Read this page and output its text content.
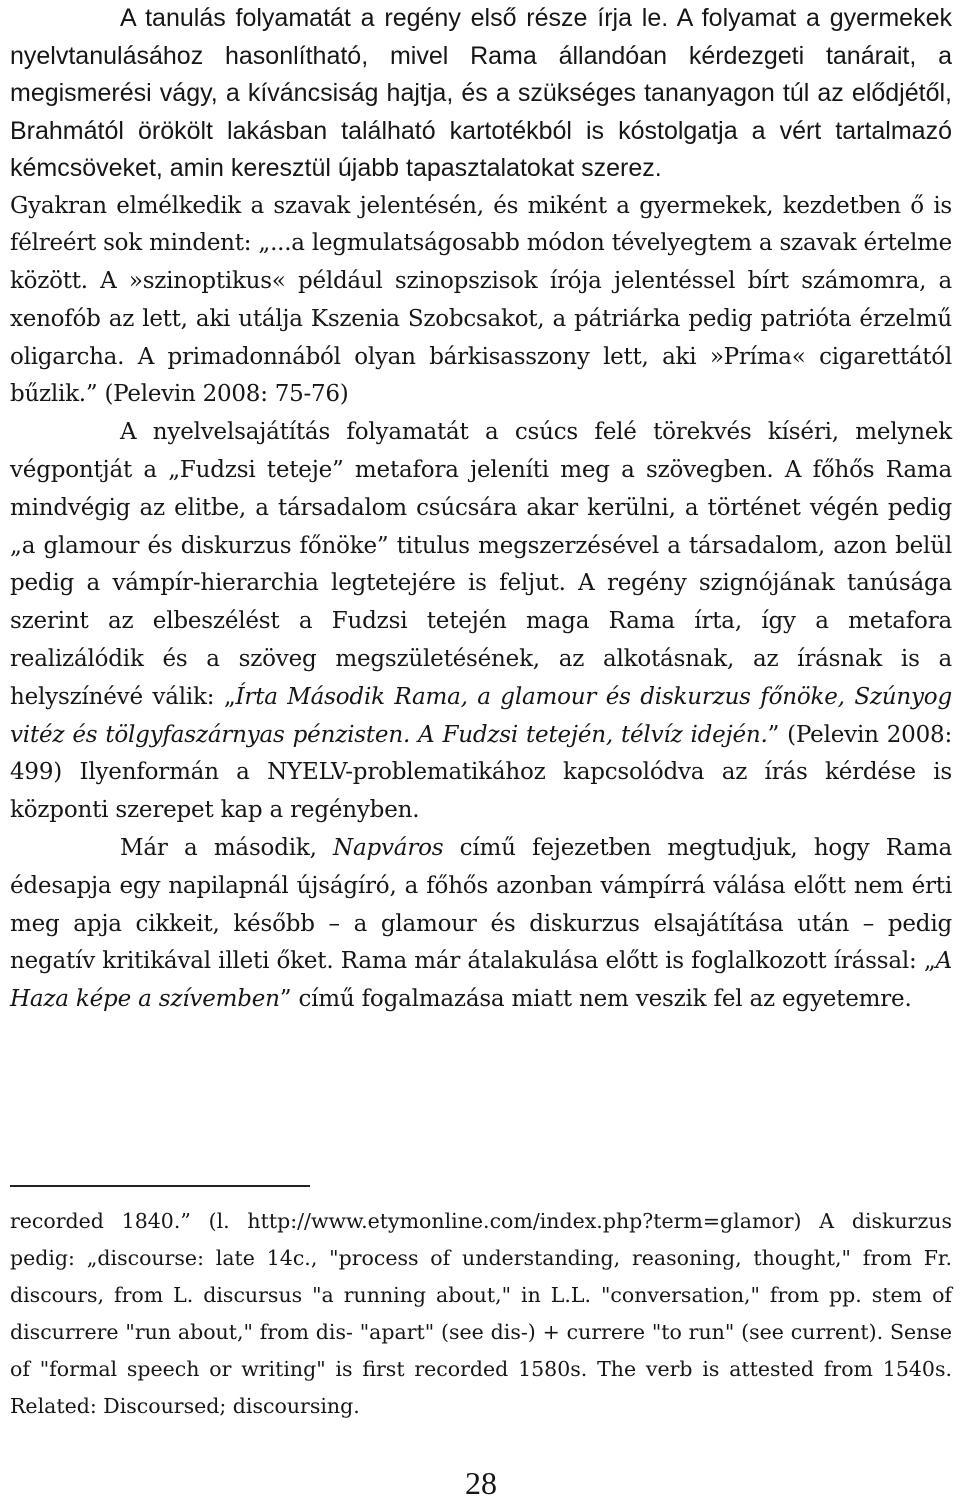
A tanulás folyamatát a regény első része írja le. A folyamat a gyermekek nyelvtanulásához hasonlítható, mivel Rama állandóan kérdezgeti tanárait, a megismerési vágy, a kíváncsiság hajtja, és a szükséges tananyagon túl az elődjétől, Brahmától örökölt lakásban található kartotékból is kóstolgatja a vért tartalmazó kémcsöveket, amin keresztül újabb tapasztalatokat szerez.

Gyakran elmélkedik a szavak jelentésén, és miként a gyermekek, kezdetben ő is félreért sok mindent: „...a legmulatságosabb módon tévelyegtem a szavak értelme között. A »szinoptikus« például szinopszisok írója jelentéssel bírt számomra, a xenofób az lett, aki utálja Kszenia Szobcsakot, a pátriárka pedig patrióta érzelmű oligarcha. A primadonnából olyan bárkisasszony lett, aki »Príma« cigarettától bűzlik.” (Pelevin 2008: 75-76)

A nyelvelsajátítás folyamatát a csúcs felé törekvés kíséri, melynek végpontját a „Fudzsi teteje” metafora jeleníti meg a szövegben. A főhős Rama mindvégig az elitbe, a társadalom csúcsára akar kerülni, a történet végén pedig „a glamour és diskurzus főnöke” titulus megszerzésével a társadalom, azon belül pedig a vámpír-hierarchia legtetejére is feljut. A regény szignójának tanúsága szerint az elbeszélést a Fudzsi tetején maga Rama írta, így a metafora realizálódik és a szöveg megszületésének, az alkotásnak, az írásnak is a helyszínévé válik: „Írta Második Rama, a glamour és diskurzus főnöke, Szúnyog vitéz és tölgyfaszárnyas pénzisten. A Fudzsi tetején, télvíz idején.” (Pelevin 2008: 499) Ilyenformán a NYELV-problematikához kapcsolódva az írás kérdése is központi szerepet kap a regényben.

Már a második, Napváros című fejezetben megtudjuk, hogy Rama édesapja egy napilapnál újságíró, a főhős azonban vámpírrá válása előtt nem érti meg apja cikkeit, később – a glamour és diskurzus elsajátítása után – pedig negatív kritikával illeti őket. Rama már átalakulása előtt is foglalkozott írással: „A Haza képe a szívemben” című fogalmazása miatt nem veszik fel az egyetemre.

recorded 1840.” (l. http://www.etymonline.com/index.php?term=glamor) A diskurzus pedig: „discourse: late 14c., "process of understanding, reasoning, thought," from Fr. discours, from L. discursus "a running about," in L.L. "conversation," from pp. stem of discurrere "run about," from dis- "apart" (see dis-) + currere "to run" (see current). Sense of "formal speech or writing" is first recorded 1580s. The verb is attested from 1540s. Related: Discoursed; discoursing.

28
